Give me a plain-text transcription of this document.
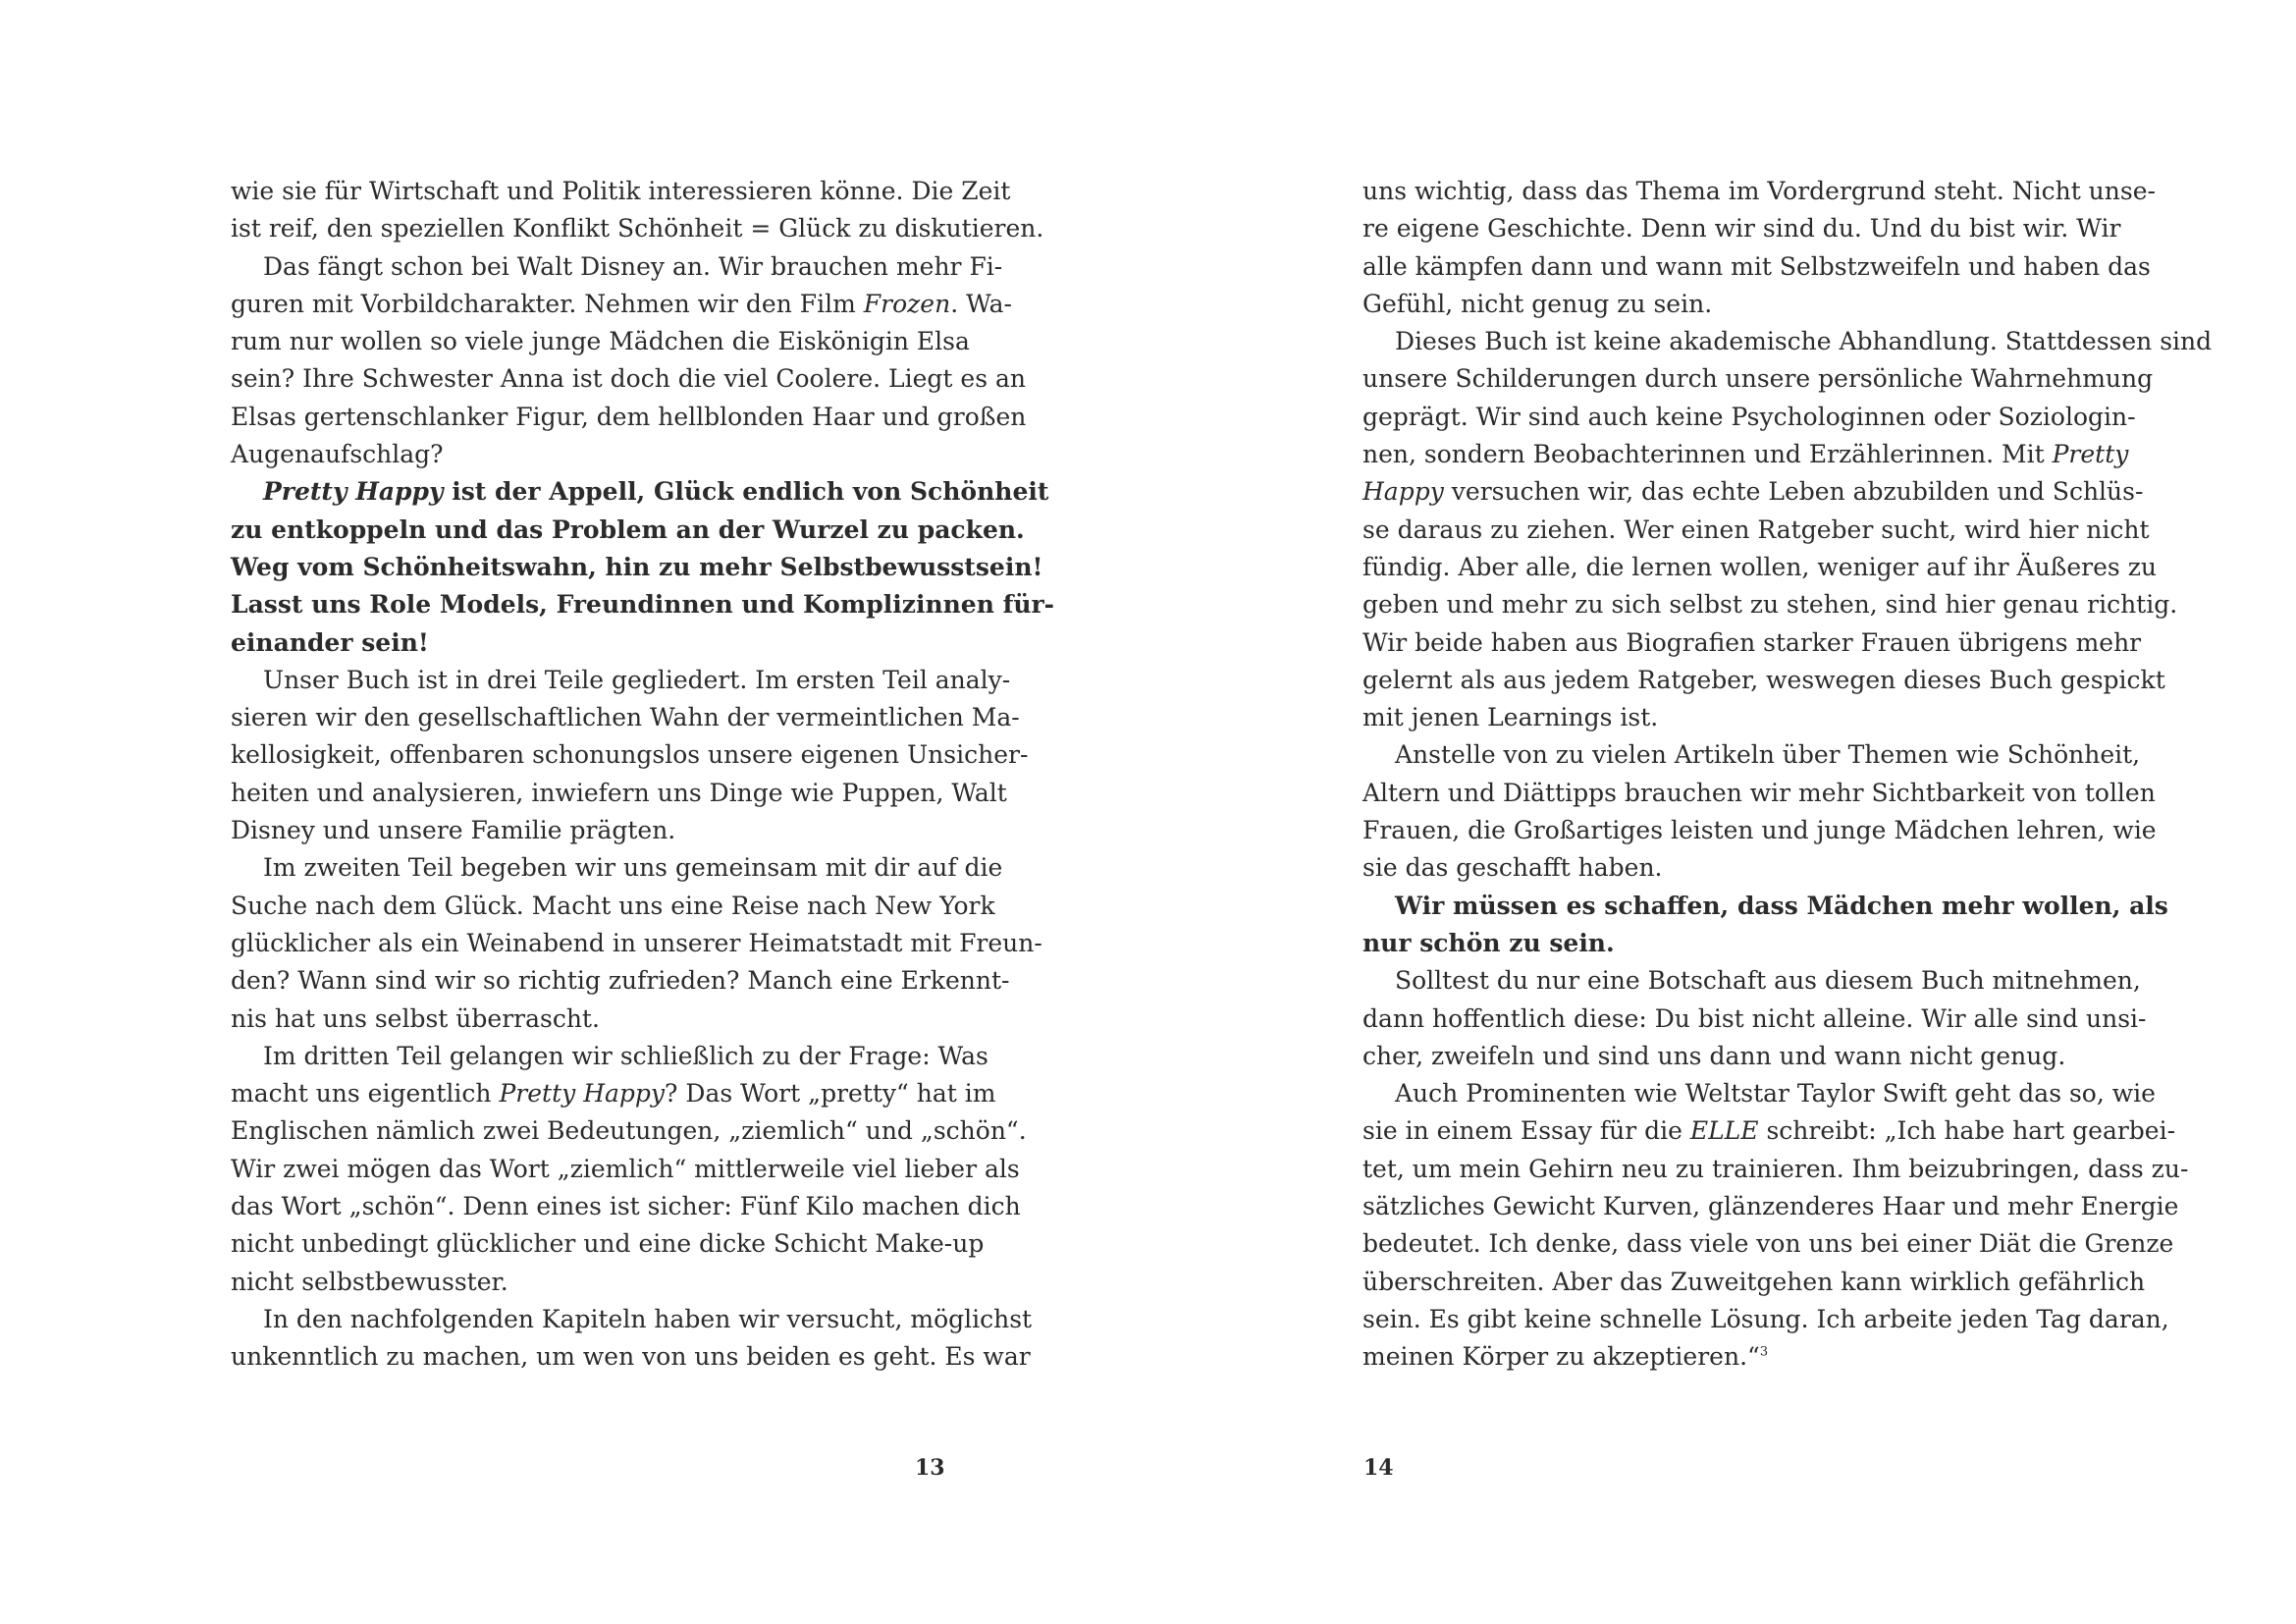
wie sie für Wirtschaft und Politik interessieren könne. Die Zeit
ist reif, den speziellen Konflikt Schönheit = Glück zu diskutieren.
Das fängt schon bei Walt Disney an. Wir brauchen mehr Fi-
guren mit Vorbildcharakter. Nehmen wir den Film Frozen. Wa-
rum nur wollen so viele junge Mädchen die Eiskönigin Elsa
sein? Ihre Schwester Anna ist doch die viel Coolere. Liegt es an
Elsas gertenschlanker Figur, dem hellblonden Haar und großen
Augenaufschlag?
Pretty Happy ist der Appell, Glück endlich von Schönheit
zu entkoppeln und das Problem an der Wurzel zu packen.
Weg vom Schönheitswahn, hin zu mehr Selbstbewusstsein!
Lasst uns Role Models, Freundinnen und Komplizinnen für-
einander sein!
Unser Buch ist in drei Teile gegliedert. Im ersten Teil analy-
sieren wir den gesellschaftlichen Wahn der vermeintlichen Ma-
kellosigkeit, offenbaren schonungslos unsere eigenen Unsicher-
heiten und analysieren, inwiefern uns Dinge wie Puppen, Walt
Disney und unsere Familie prägten.
Im zweiten Teil begeben wir uns gemeinsam mit dir auf die
Suche nach dem Glück. Macht uns eine Reise nach New York
glücklicher als ein Weinabend in unserer Heimatstadt mit Freun-
den? Wann sind wir so richtig zufrieden? Manch eine Erkennt-
nis hat uns selbst überrascht.
Im dritten Teil gelangen wir schließlich zu der Frage: Was
macht uns eigentlich Pretty Happy? Das Wort „pretty“ hat im
Englischen nämlich zwei Bedeutungen, „ziemlich“ und „schön“.
Wir zwei mögen das Wort „ziemlich“ mittlerweile viel lieber als
das Wort „schön“. Denn eines ist sicher: Fünf Kilo machen dich
nicht unbedingt glücklicher und eine dicke Schicht Make-up
nicht selbstbewusster.
In den nachfolgenden Kapiteln haben wir versucht, möglichst
unkenntlich zu machen, um wen von uns beiden es geht. Es war
13
uns wichtig, dass das Thema im Vordergrund steht. Nicht unse-
re eigene Geschichte. Denn wir sind du. Und du bist wir. Wir
alle kämpfen dann und wann mit Selbstzweifeln und haben das
Gefühl, nicht genug zu sein.
Dieses Buch ist keine akademische Abhandlung. Stattdessen sind
unsere Schilderungen durch unsere persönliche Wahrnehmung
geprägt. Wir sind auch keine Psychologinnen oder Soziologin-
nen, sondern Beobachterinnen und Erzählerinnen. Mit Pretty
Happy versuchen wir, das echte Leben abzubilden und Schlüs-
se daraus zu ziehen. Wer einen Ratgeber sucht, wird hier nicht
fündig. Aber alle, die lernen wollen, weniger auf ihr Äußeres zu
geben und mehr zu sich selbst zu stehen, sind hier genau richtig.
Wir beide haben aus Biografien starker Frauen übrigens mehr
gelernt als aus jedem Ratgeber, weswegen dieses Buch gespickt
mit jenen Learnings ist.
Anstelle von zu vielen Artikeln über Themen wie Schönheit,
Altern und Diättipps brauchen wir mehr Sichtbarkeit von tollen
Frauen, die Großartiges leisten und junge Mädchen lehren, wie
sie das geschafft haben.
Wir müssen es schaffen, dass Mädchen mehr wollen, als
nur schön zu sein.
Solltest du nur eine Botschaft aus diesem Buch mitnehmen,
dann hoffentlich diese: Du bist nicht alleine. Wir alle sind unsi-
cher, zweifeln und sind uns dann und wann nicht genug.
Auch Prominenten wie Weltstar Taylor Swift geht das so, wie
sie in einem Essay für die ELLE schreibt: „Ich habe hart gearbei-
tet, um mein Gehirn neu zu trainieren. Ihm beizubringen, dass zu-
sätzliches Gewicht Kurven, glänzenderes Haar und mehr Energie
bedeutet. Ich denke, dass viele von uns bei einer Diät die Grenze
überschreiten. Aber das Zuweitgehen kann wirklich gefährlich
sein. Es gibt keine schnelle Lösung. Ich arbeite jeden Tag daran,
meinen Körper zu akzeptieren.“$^3$
14
